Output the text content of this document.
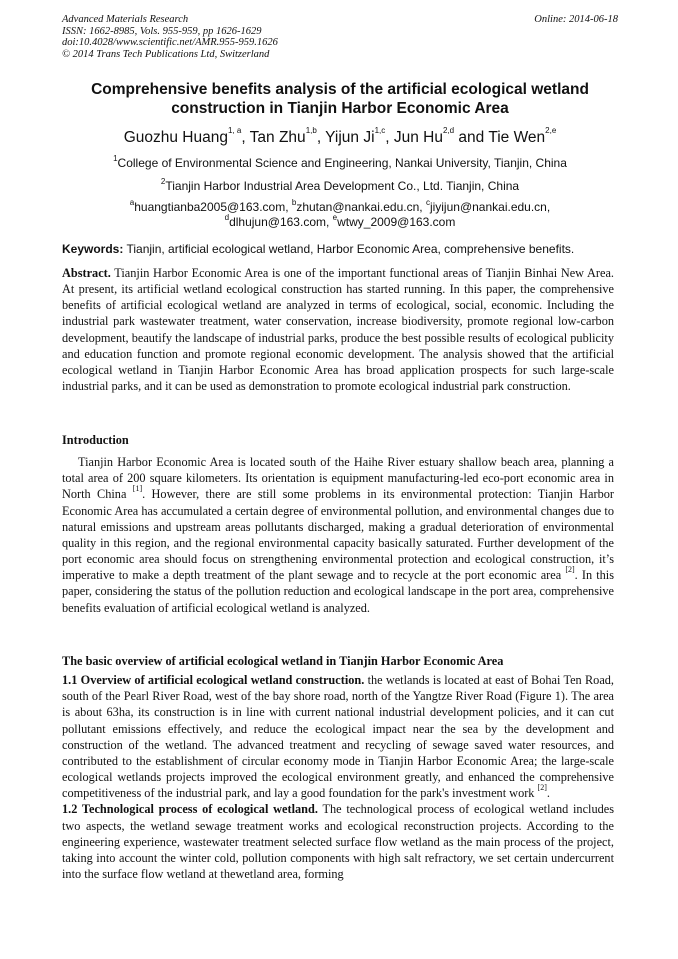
Advanced Materials Research
ISSN: 1662-8985, Vols. 955-959, pp 1626-1629
doi:10.4028/www.scientific.net/AMR.955-959.1626
© 2014 Trans Tech Publications Ltd, Switzerland
Online: 2014-06-18
Comprehensive benefits analysis of the artificial ecological wetland
construction in Tianjin Harbor Economic Area
Guozhu Huang$^{1, a}$, Tan Zhu$^{1,b}$, Yijun Ji$^{1,c}$, Jun Hu$^{2,d}$ and Tie Wen$^{2,e}$
$^1$College of Environmental Science and Engineering, Nankai University, Tianjin, China
$^2$Tianjin Harbor Industrial Area Development Co., Ltd. Tianjin, China
$^a$huangtianba2005@163.com, $^b$zhutan@nankai.edu.cn, $^c$jiyijun@nankai.edu.cn,
$^d$dlhujun@163.com, $^e$wtwy_2009@163.com
Keywords: Tianjin, artificial ecological wetland, Harbor Economic Area, comprehensive benefits.

Abstract. Tianjin Harbor Economic Area is one of the important functional areas of Tianjin Binhai New Area. At present, its artificial wetland ecological construction has started running. In this paper, the comprehensive benefits of artificial ecological wetland are analyzed in terms of ecological, social, economic. Including the industrial park wastewater treatment, water conservation, increase biodiversity, promote regional low-carbon development, beautify the landscape of industrial parks, produce the best possible results of ecological publicity and education function and promote regional economic development. The analysis showed that the artificial ecological wetland in Tianjin Harbor Economic Area has broad application prospects for such large-scale industrial parks, and it can be used as demonstration to promote ecological industrial park construction.

Introduction

Tianjin Harbor Economic Area is located south of the Haihe River estuary shallow beach area, planning a total area of 200 square kilometers. Its orientation is equipment manufacturing-led eco-port economic area in North China [1]. However, there are still some problems in its environmental protection: Tianjin Harbor Economic Area has accumulated a certain degree of environmental pollution, and environmental changes due to natural emissions and upstream areas pollutants discharged, making a gradual deterioration of environmental quality in this region, and the regional environmental capacity basically saturated. Further development of the port economic area should focus on strengthening environmental protection and ecological construction, it’s imperative to make a depth treatment of the plant sewage and to recycle at the port economic area [2]. In this paper, considering the status of the pollution reduction and ecological landscape in the port area, comprehensive benefits evaluation of artificial ecological wetland is analyzed.

The basic overview of artificial ecological wetland in Tianjin Harbor Economic Area

1.1 Overview of artificial ecological wetland construction. the wetlands is located at east of Bohai Ten Road, south of the Pearl River Road, west of the bay shore road, north of the Yangtze River Road (Figure 1). The area is about 63ha, its construction is in line with current national industrial development policies, and it can cut pollutant emissions effectively, and reduce the ecological impact near the sea by the development and construction of the wetland. The advanced treatment and recycling of sewage saved water resources, and contributed to the establishment of circular economy mode in Tianjin Harbor Economic Area; the large-scale ecological wetlands projects improved the ecological environment greatly, and enhanced the comprehensive competitiveness of the industrial park, and lay a good foundation for the park's investment work [2].

1.2 Technological process of ecological wetland. The technological process of ecological wetland includes two aspects, the wetland sewage treatment works and ecological reconstruction projects. According to the engineering experience, wastewater treatment selected surface flow wetland as the main process of the project, taking into account the winter cold, pollution components with high salt refractory, we set certain undercurrent into the surface flow wetland at thewetland area, forming
